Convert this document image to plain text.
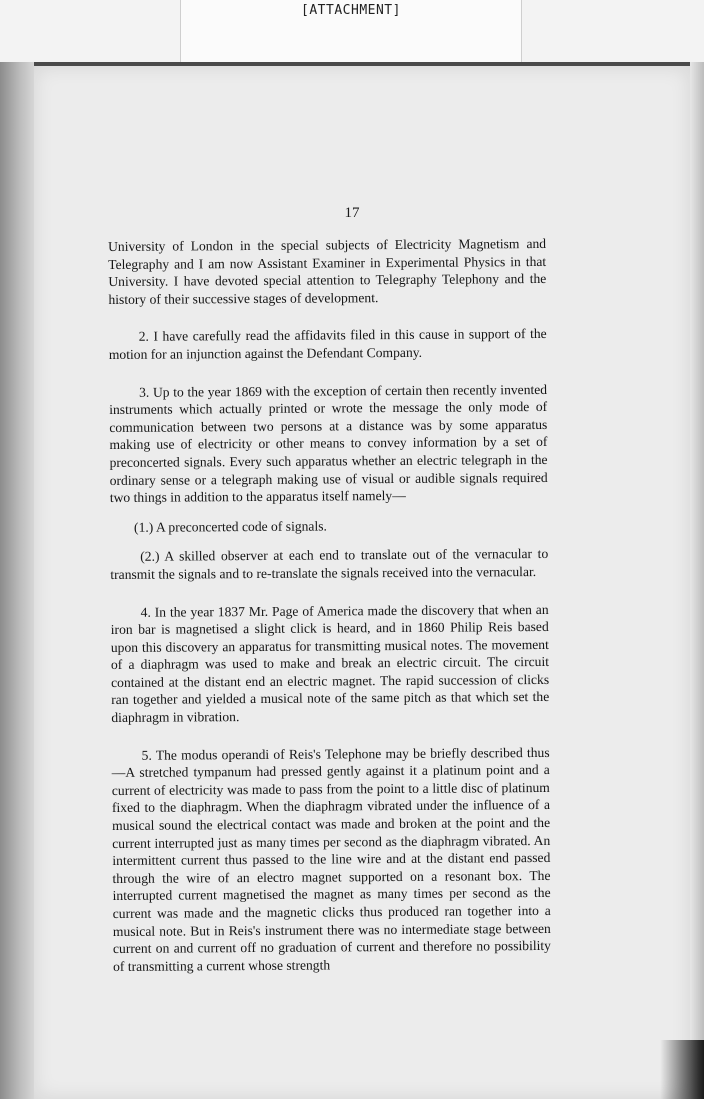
[ATTACHMENT]
17

University of London in the special subjects of Electricity Magnetism and Telegraphy and I am now Assistant Examiner in Experimental Physics in that University. I have devoted special attention to Telegraphy Telephony and the history of their successive stages of development.

2. I have carefully read the affidavits filed in this cause in support of the motion for an injunction against the Defendant Company.

3. Up to the year 1869 with the exception of certain then recently invented instruments which actually printed or wrote the message the only mode of communication between two persons at a distance was by some apparatus making use of electricity or other means to convey information by a set of preconcerted signals. Every such apparatus whether an electric telegraph in the ordinary sense or a telegraph making use of visual or audible signals required two things in addition to the apparatus itself namely—

(1.) A preconcerted code of signals.

(2.) A skilled observer at each end to translate out of the vernacular to transmit the signals and to re-translate the signals received into the vernacular.

4. In the year 1837 Mr. Page of America made the discovery that when an iron bar is magnetised a slight click is heard, and in 1860 Philip Reis based upon this discovery an apparatus for transmitting musical notes. The movement of a diaphragm was used to make and break an electric circuit. The circuit contained at the distant end an electric magnet. The rapid succession of clicks ran together and yielded a musical note of the same pitch as that which set the diaphragm in vibration.

5. The modus operandi of Reis's Telephone may be briefly described thus—A stretched tympanum had pressed gently against it a platinum point and a current of electricity was made to pass from the point to a little disc of platinum fixed to the diaphragm. When the diaphragm vibrated under the influence of a musical sound the electrical contact was made and broken at the point and the current interrupted just as many times per second as the diaphragm vibrated. An intermittent current thus passed to the line wire and at the distant end passed through the wire of an electro magnet supported on a resonant box. The interrupted current magnetised the magnet as many times per second as the current was made and the magnetic clicks thus produced ran together into a musical note. But in Reis's instrument there was no intermediate stage between current on and current off no graduation of current and therefore no possibility of transmitting a current whose strength
